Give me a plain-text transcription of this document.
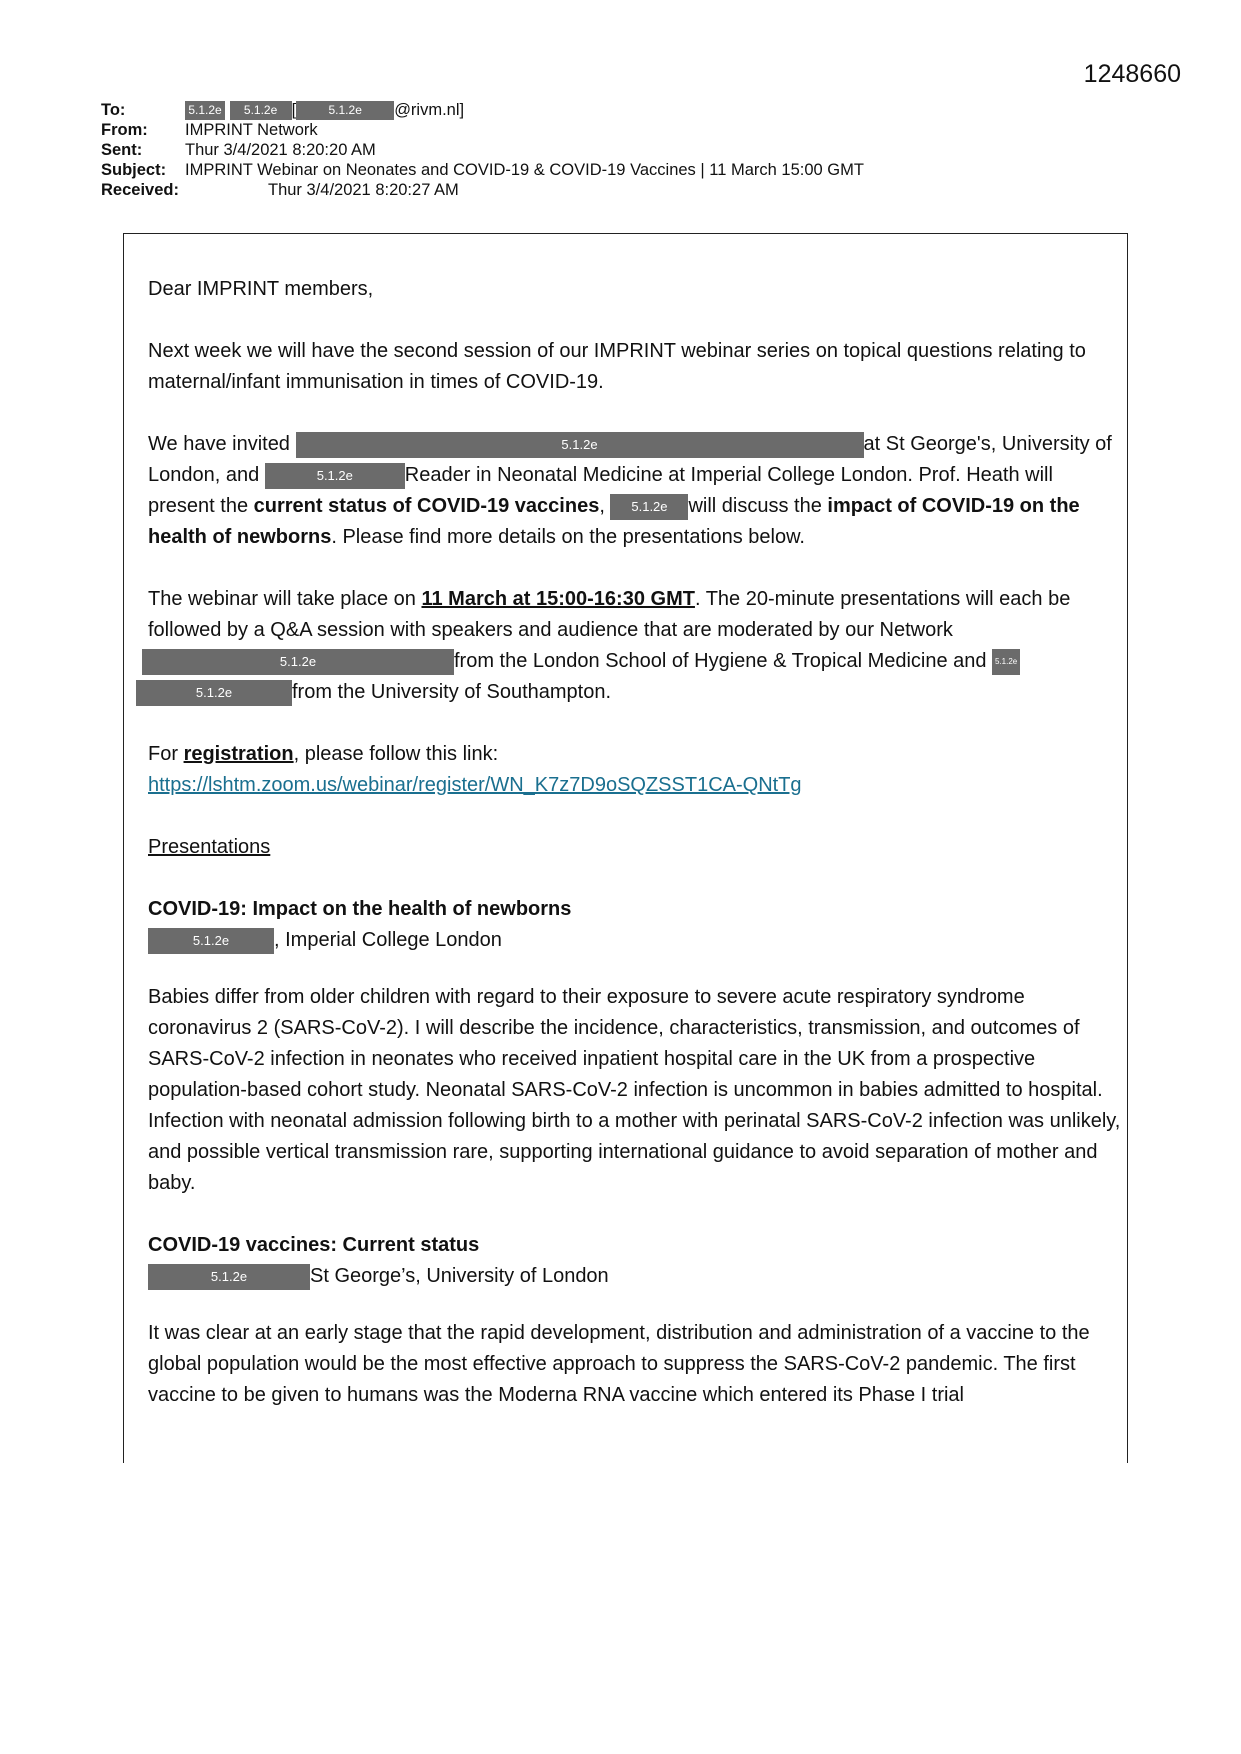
1248660
To:	5.1.2e 5.1.2e [	5.1.2e @rivm.nl]
From: IMPRINT Network
Sent:	Thur 3/4/2021 8:20:20 AM
Subject: IMPRINT Webinar on Neonates and COVID-19 & COVID-19 Vaccines | 11 March 15:00 GMT
Received:	Thur 3/4/2021 8:20:27 AM

Dear IMPRINT members,

Next week we will have the second session of our IMPRINT webinar series on topical questions relating to maternal/infant immunisation in times of COVID-19.

We have invited	5.1.2e	at St George's, University of London, and	5.1.2e	Reader in Neonatal Medicine at Imperial College London. Prof. Heath will present the current status of COVID-19 vaccines, 5.1.2e will discuss the impact of COVID-19 on the health of newborns. Please find more details on the presentations below.

The webinar will take place on 11 March at 15:00-16:30 GMT. The 20-minute presentations will each be followed by a Q&A session with speakers and audience that are moderated by our Network 5.1.2e	from the London School of Hygiene & Tropical Medicine and 5.1.2e 5.1.2e	from the University of Southampton.

For registration, please follow this link:
https://lshtm.zoom.us/webinar/register/WN_K7z7D9oSQZSST1CA-QNtTg

Presentations

COVID-19: Impact on the health of newborns
5.1.2e , Imperial College London

Babies differ from older children with regard to their exposure to severe acute respiratory syndrome coronavirus 2 (SARS-CoV-2). I will describe the incidence, characteristics, transmission, and outcomes of SARS-CoV-2 infection in neonates who received inpatient hospital care in the UK from a prospective population-based cohort study. Neonatal SARS-CoV-2 infection is uncommon in babies admitted to hospital. Infection with neonatal admission following birth to a mother with perinatal SARS-CoV-2 infection was unlikely, and possible vertical transmission rare, supporting international guidance to avoid separation of mother and baby.

COVID-19 vaccines: Current status
5.1.2e	St George’s, University of London

It was clear at an early stage that the rapid development, distribution and administration of a vaccine to the global population would be the most effective approach to suppress the SARS-CoV-2 pandemic. The first vaccine to be given to humans was the Moderna RNA vaccine which entered its Phase I trial
